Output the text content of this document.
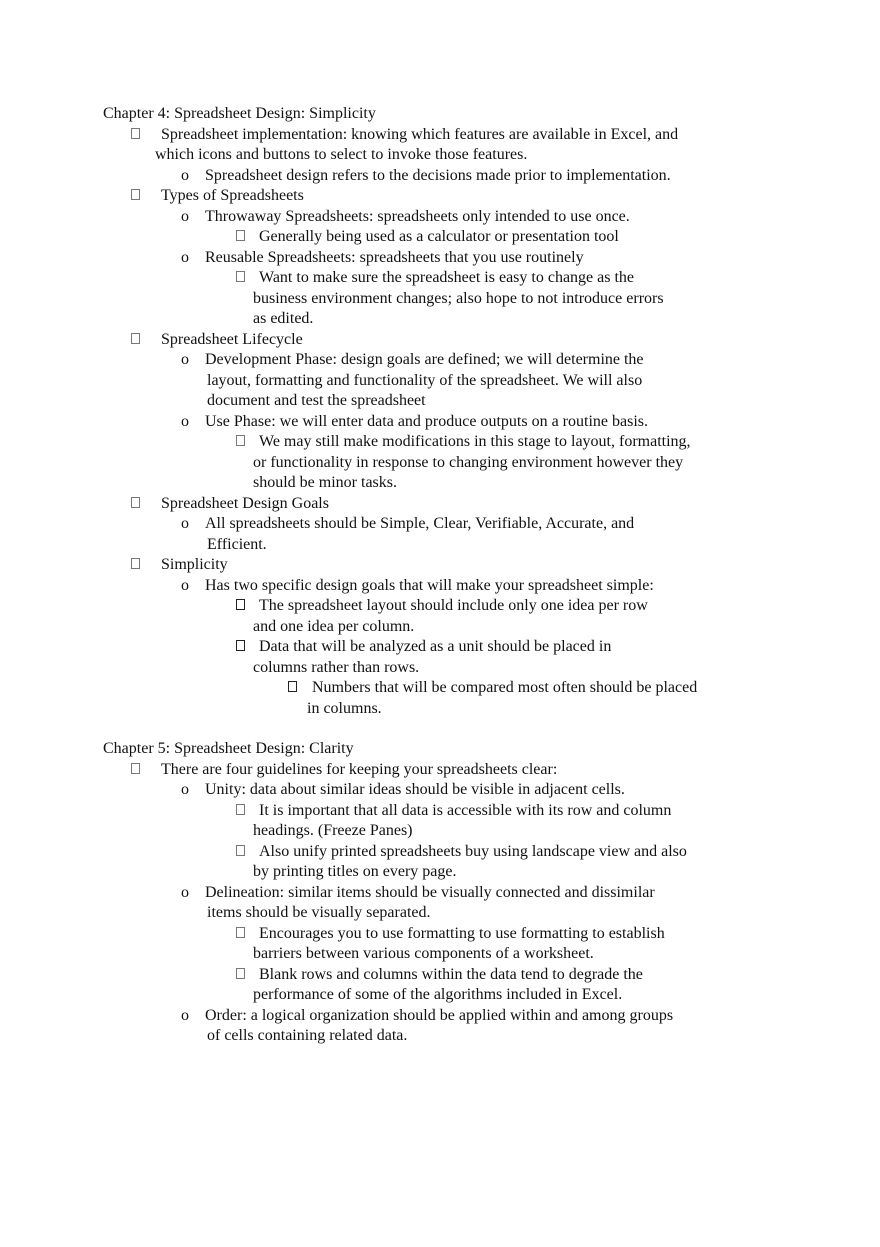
Chapter 4: Spreadsheet Design: Simplicity
Spreadsheet implementation: knowing which features are available in Excel, and
which icons and buttons to select to invoke those features.
o Spreadsheet design refers to the decisions made prior to implementation.
Types of Spreadsheets
o Throwaway Spreadsheets: spreadsheets only intended to use once.
Generally being used as a calculator or presentation tool
o Reusable Spreadsheets: spreadsheets that you use routinely
Want to make sure the spreadsheet is easy to change as the
business environment changes; also hope to not introduce errors
as edited.
Spreadsheet Lifecycle
o Development Phase: design goals are defined; we will determine the
layout, formatting and functionality of the spreadsheet. We will also
document and test the spreadsheet
o Use Phase: we will enter data and produce outputs on a routine basis.
We may still make modifications in this stage to layout, formatting,
or functionality in response to changing environment however they
should be minor tasks.
Spreadsheet Design Goals
o All spreadsheets should be Simple, Clear, Verifiable, Accurate, and
Efficient.
Simplicity
o Has two specific design goals that will make your spreadsheet simple:
The spreadsheet layout should include only one idea per row
and one idea per column.
Data that will be analyzed as a unit should be placed in
columns rather than rows.
Numbers that will be compared most often should be placed
in columns.
Chapter 5: Spreadsheet Design: Clarity
There are four guidelines for keeping your spreadsheets clear:
o Unity: data about similar ideas should be visible in adjacent cells.
It is important that all data is accessible with its row and column
headings. (Freeze Panes)
Also unify printed spreadsheets buy using landscape view and also
by printing titles on every page.
o Delineation: similar items should be visually connected and dissimilar
items should be visually separated.
Encourages you to use formatting to use formatting to establish
barriers between various components of a worksheet.
Blank rows and columns within the data tend to degrade the
performance of some of the algorithms included in Excel.
o Order: a logical organization should be applied within and among groups
of cells containing related data.
